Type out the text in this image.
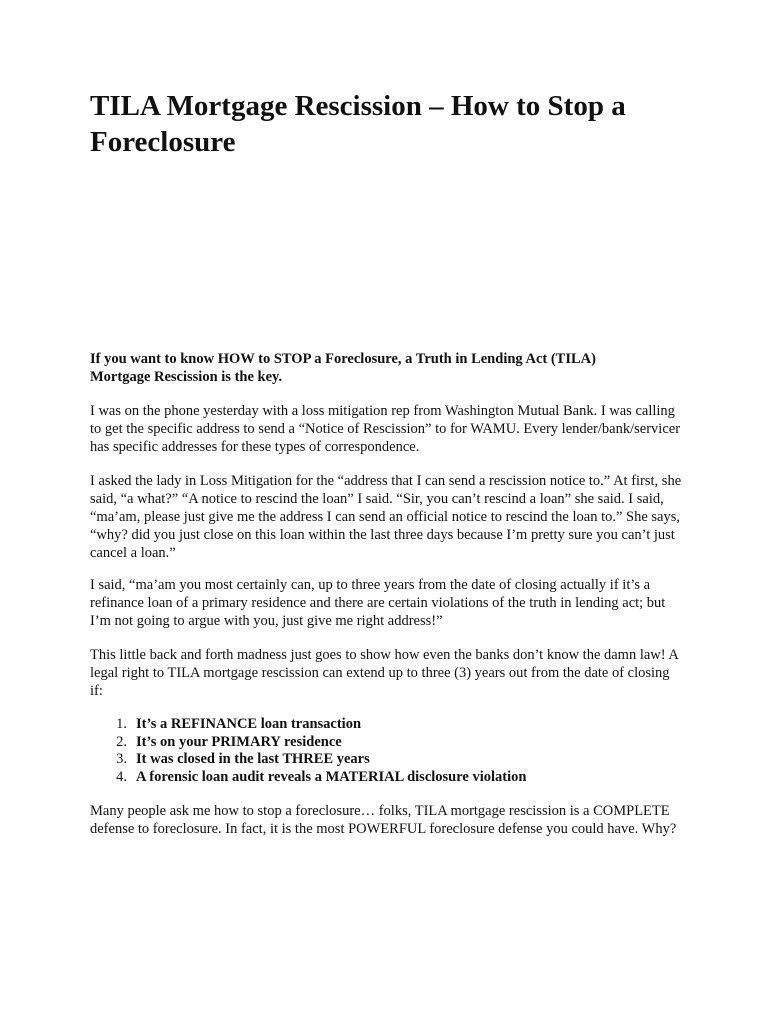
TILA Mortgage Rescission – How to Stop a Foreclosure

If you want to know HOW to STOP a Foreclosure, a Truth in Lending Act (TILA) Mortgage Rescission is the key.

I was on the phone yesterday with a loss mitigation rep from Washington Mutual Bank. I was calling to get the specific address to send a “Notice of Rescission” to for WAMU. Every lender/bank/servicer has specific addresses for these types of correspondence.

I asked the lady in Loss Mitigation for the “address that I can send a rescission notice to.” At first, she said, “a what?” “A notice to rescind the loan” I said. “Sir, you can’t rescind a loan” she said. I said, “ma’am, please just give me the address I can send an official notice to rescind the loan to.” She says, “why? did you just close on this loan within the last three days because I’m pretty sure you can’t just cancel a loan.”

I said, “ma’am you most certainly can, up to three years from the date of closing actually if it’s a refinance loan of a primary residence and there are certain violations of the truth in lending act; but I’m not going to argue with you, just give me right address!”

This little back and forth madness just goes to show how even the banks don’t know the damn law! A legal right to TILA mortgage rescission can extend up to three (3) years out from the date of closing if:

1. It’s a REFINANCE loan transaction
2. It’s on your PRIMARY residence
3. It was closed in the last THREE years
4. A forensic loan audit reveals a MATERIAL disclosure violation

Many people ask me how to stop a foreclosure… folks, TILA mortgage rescission is a COMPLETE defense to foreclosure. In fact, it is the most POWERFUL foreclosure defense you could have. Why?
